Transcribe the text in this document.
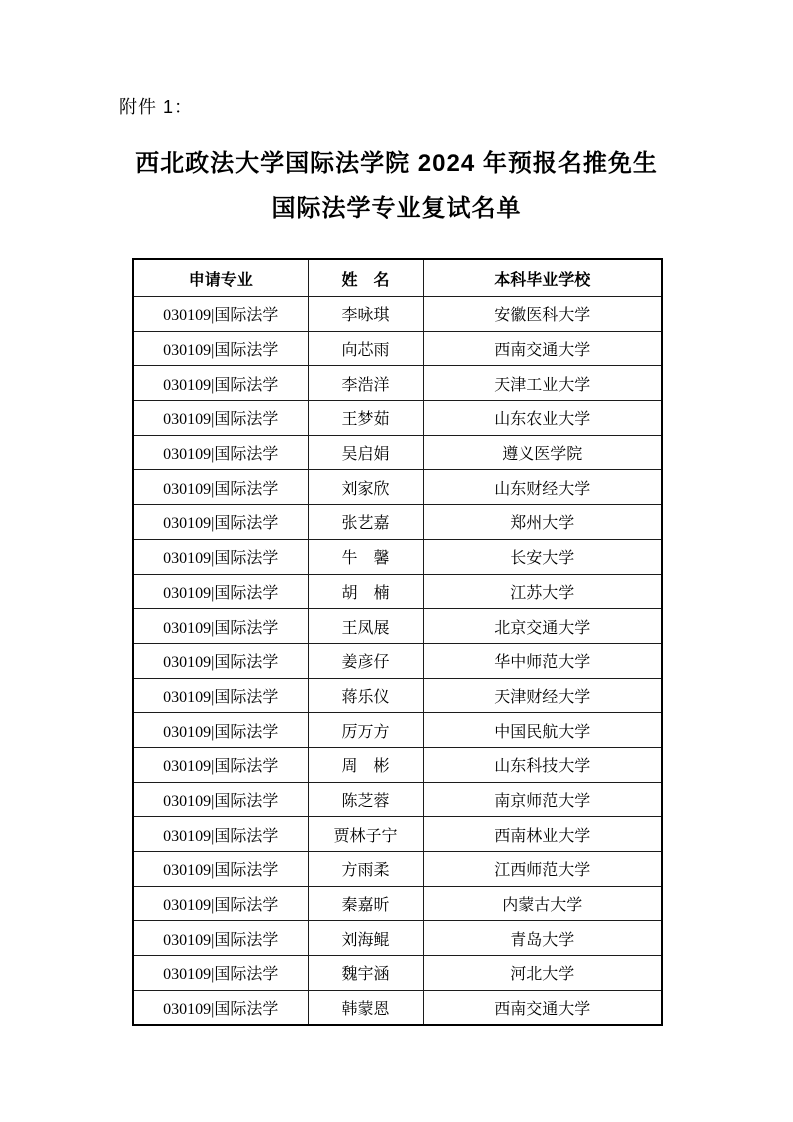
附件 1：
西北政法大学国际法学院 2024 年预报名推免生
国际法学专业复试名单
申请专业	姓　名	本科毕业学校
030109|国际法学	李咏琪	安徽医科大学
030109|国际法学	向芯雨	西南交通大学
030109|国际法学	李浩洋	天津工业大学
030109|国际法学	王梦茹	山东农业大学
030109|国际法学	吴启娟	遵义医学院
030109|国际法学	刘家欣	山东财经大学
030109|国际法学	张艺嘉	郑州大学
030109|国际法学	牛　馨	长安大学
030109|国际法学	胡　楠	江苏大学
030109|国际法学	王凤展	北京交通大学
030109|国际法学	姜彦仔	华中师范大学
030109|国际法学	蒋乐仪	天津财经大学
030109|国际法学	厉万方	中国民航大学
030109|国际法学	周　彬	山东科技大学
030109|国际法学	陈芝蓉	南京师范大学
030109|国际法学	贾林子宁	西南林业大学
030109|国际法学	方雨柔	江西师范大学
030109|国际法学	秦嘉昕	内蒙古大学
030109|国际法学	刘海鲲	青岛大学
030109|国际法学	魏宇涵	河北大学
030109|国际法学	韩蒙恩	西南交通大学
